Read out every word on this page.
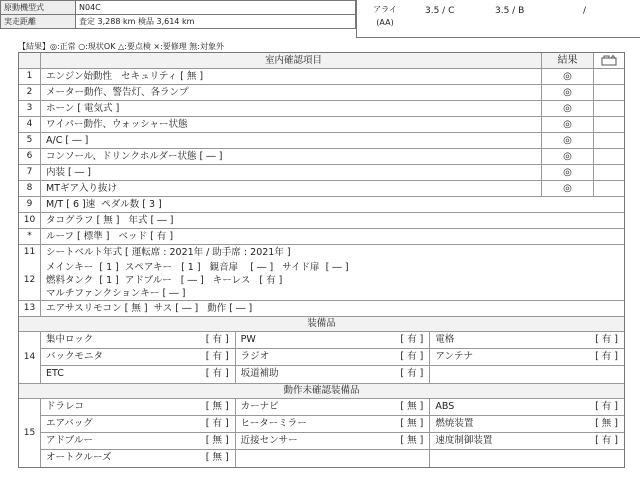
原動機型式	N04C
実走距離	査定 3,288 km 検品 3,614 km
アライ
(AA)
3.5 / C	3.5 / B	/
【結果】◎:正常 ○:現状OK △:要点検 ×:要修理 無:対象外
室内確認項目	結果
1	エンジン始動性   セキュリティ [ 無 ]	◎
2	メーター動作、警告灯、各ランプ	◎
3	ホーン [ 電気式 ]	◎
4	ワイパー動作、ウォッシャー状態	◎
5	A/C [ ― ]	◎
6	コンソール、ドリンクホルダー状態 [ ― ]	◎
7	内装 [ ― ]	◎
8	MTギア入り抜け	◎
9	M/T [ 6 ]速  ペダル数 [ 3 ]
10	タコグラフ [ 無 ]   年式 [ ― ]
*	ルーフ [ 標準 ]   ベッド [ 有 ]
11	シートベルト年式 [ 運転席 : 2021年 / 助手席 : 2021年 ]
12
メインキー  [ 1 ]  スペアキー   [ 1 ]   観音扉    [ ― ]   サイド扉  [ ― ]
燃料タンク  [ 1 ]  アドブルー   [ ― ]   キーレス   [ 有 ]
マルチファンクションキー [ ― ]
13	エアサスリモコン [ 無 ]  サス [ ― ]   動作 [ ― ]
装備品
14
集中ロック	[ 有 ] PW	[ 有 ] 電格	[ 有 ]
バックモニタ	[ 有 ] ラジオ	[ 有 ] アンテナ	[ 有 ]
ETC	[ 有 ] 坂道補助	[ 有 ]
動作未確認装備品
15
ドラレコ	[ 無 ] カーナビ	[ 無 ] ABS	[ 有 ]
エアバッグ	[ 有 ] ヒーターミラー	[ 無 ] 燃焼装置	[ 無 ]
アドブルー	[ 無 ] 近接センサー	[ 無 ] 速度制御装置	[ 有 ]
オートクルーズ	[ 無 ]
